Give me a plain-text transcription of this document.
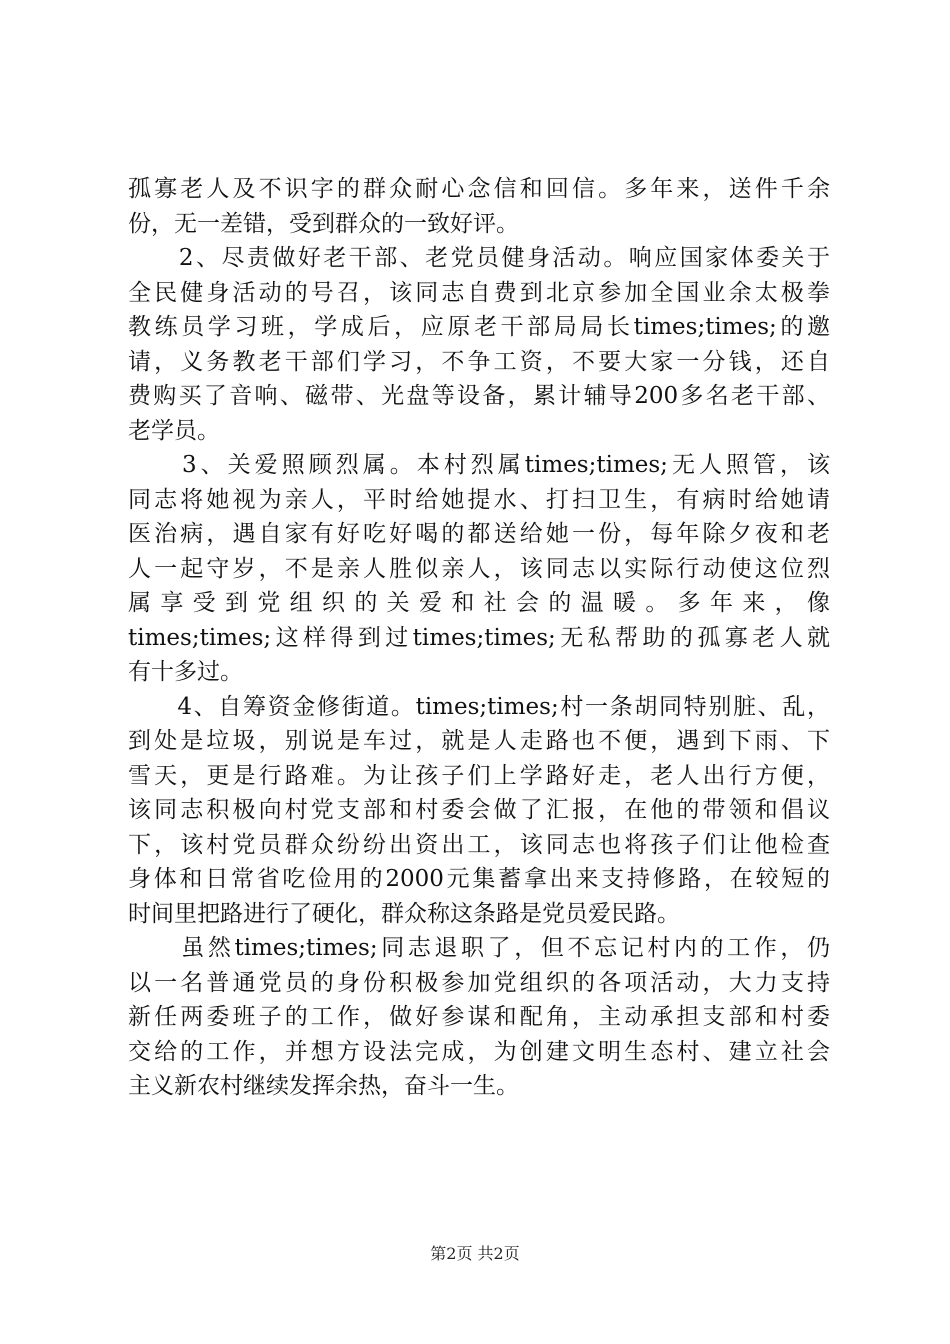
孤寡老人及不识字的群众耐心念信和回信。多年来，送件千余
份，无一差错，受到群众的一致好评。
　　2、尽责做好老干部、老党员健身活动。响应国家体委关于
全民健身活动的号召，该同志自费到北京参加全国业余太极拳
教练员学习班，学成后，应原老干部局局长times;times;的邀
请，义务教老干部们学习，不争工资，不要大家一分钱，还自
费购买了音响、磁带、光盘等设备，累计辅导200多名老干部、
老学员。
　　3、关爱照顾烈属。本村烈属times;times;无人照管，该
同志将她视为亲人，平时给她提水、打扫卫生，有病时给她请
医治病，遇自家有好吃好喝的都送给她一份，每年除夕夜和老
人一起守岁，不是亲人胜似亲人，该同志以实际行动使这位烈
属享受到党组织的关爱和社会的温暖。多年来，像
times;times;这样得到过times;times;无私帮助的孤寡老人就
有十多过。
　　4、自筹资金修街道。times;times;村一条胡同特别脏、乱，
到处是垃圾，别说是车过，就是人走路也不便，遇到下雨、下
雪天，更是行路难。为让孩子们上学路好走，老人出行方便，
该同志积极向村党支部和村委会做了汇报，在他的带领和倡议
下，该村党员群众纷纷出资出工，该同志也将孩子们让他检查
身体和日常省吃俭用的2000元集蓄拿出来支持修路，在较短的
时间里把路进行了硬化，群众称这条路是党员爱民路。
　　虽然times;times;同志退职了，但不忘记村内的工作，仍
以一名普通党员的身份积极参加党组织的各项活动，大力支持
新任两委班子的工作，做好参谋和配角，主动承担支部和村委
交给的工作，并想方设法完成，为创建文明生态村、建立社会
主义新农村继续发挥余热，奋斗一生。
第2页 共2页
